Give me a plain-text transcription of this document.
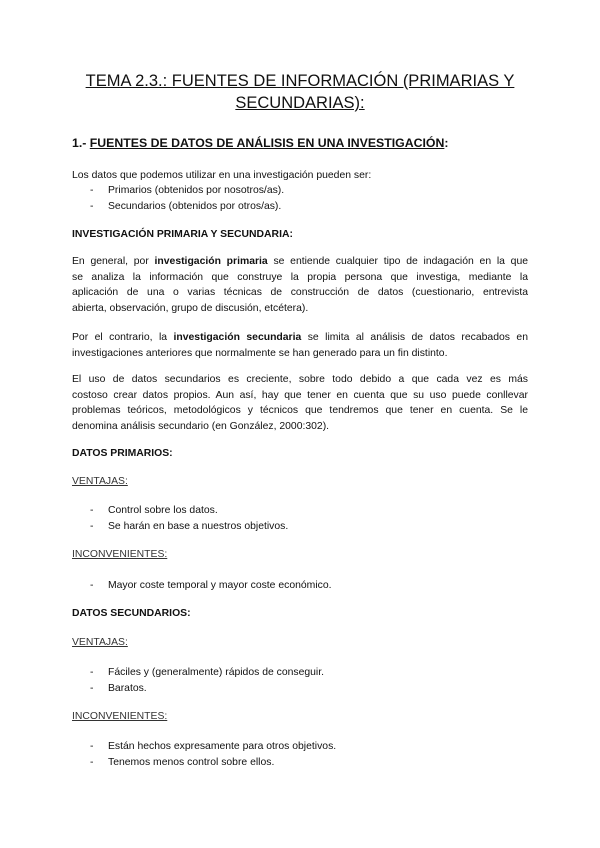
TEMA 2.3.: FUENTES DE INFORMACIÓN (PRIMARIAS Y
SECUNDARIAS):
1.- FUENTES DE DATOS DE ANÁLISIS EN UNA INVESTIGACIÓN:

Los datos que podemos utilizar en una investigación pueden ser:

- Primarios (obtenidos por nosotros/as).
- Secundarios (obtenidos por otros/as).
INVESTIGACIÓN PRIMARIA Y SECUNDARIA:
En general, por investigación primaria se entiende cualquier tipo de indagación en la que
se analiza la información que construye la propia persona que investiga, mediante la
aplicación de una o varias técnicas de construcción de datos (cuestionario, entrevista
abierta, observación, grupo de discusión, etcétera).
Por el contrario, la investigación secundaria se limita al análisis de datos recabados en
investigaciones anteriores que normalmente se han generado para un fin distinto.
El uso de datos secundarios es creciente, sobre todo debido a que cada vez es más
costoso crear datos propios. Aun así, hay que tener en cuenta que su uso puede conllevar
problemas teóricos, metodológicos y técnicos que tendremos que tener en cuenta. Se le
denomina análisis secundario (en González, 2000:302).
DATOS PRIMARIOS:
VENTAJAS:
- Control sobre los datos.
- Se harán en base a nuestros objetivos.
INCONVENIENTES:
- Mayor coste temporal y mayor coste económico.
DATOS SECUNDARIOS:
VENTAJAS:
- Fáciles y (generalmente) rápidos de conseguir.
- Baratos.
INCONVENIENTES:
- Están hechos expresamente para otros objetivos.
- Tenemos menos control sobre ellos.
